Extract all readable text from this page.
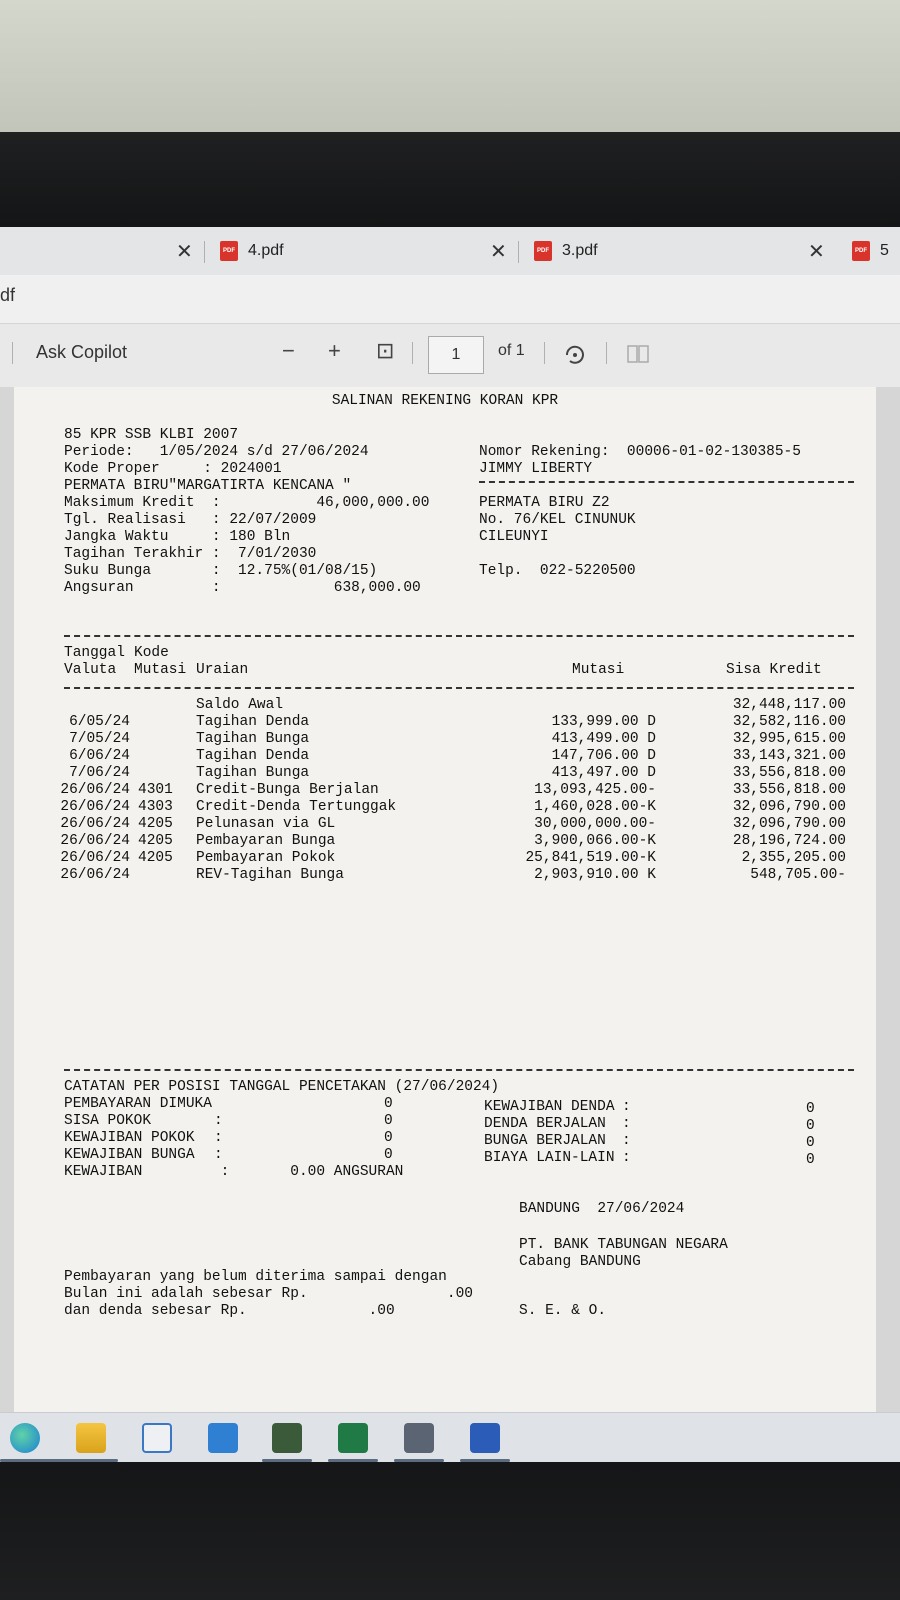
✕	PDF 4.pdf	✕	PDF 3.pdf	✕	PDF 5
df
Ask Copilot	− + ⊡	1	of 1
SALINAN REKENING KORAN KPR
85 KPR SSB KLBI 2007
Periode:   1/05/2024 s/d 27/06/2024
Kode Proper     : 2024001
PERMATA BIRU"MARGATIRTA KENCANA "
Maksimum Kredit  :           46,000,000.00
Tgl. Realisasi   : 22/07/2009
Jangka Waktu     : 180 Bln
Tagihan Terakhir :  7/01/2030
Suku Bunga       :  12.75%(01/08/15)
Angsuran         :             638,000.00
Nomor Rekening:  00006-01-02-130385-5
JIMMY LIBERTY
PERMATA BIRU Z2
No. 76/KEL CINUNUK
CILEUNYI
Telp.  022-5220500
Tanggal Kode
Valuta Mutasi Uraian	Mutasi	Sisa Kredit
Saldo Awal	32,448,117.00
6/05/24	Tagihan Denda	133,999.00 D	32,582,116.00
7/05/24	Tagihan Bunga	413,499.00 D	32,995,615.00
6/06/24	Tagihan Denda	147,706.00 D	33,143,321.00
7/06/24	Tagihan Bunga	413,497.00 D	33,556,818.00
26/06/24 4301 Credit-Bunga Berjalan	13,093,425.00-	33,556,818.00
26/06/24 4303 Credit-Denda Tertunggak	1,460,028.00-K	32,096,790.00
26/06/24 4205 Pelunasan via GL	30,000,000.00-	32,096,790.00
26/06/24 4205 Pembayaran Bunga	3,900,066.00-K	28,196,724.00
26/06/24 4205 Pembayaran Pokok	25,841,519.00-K	2,355,205.00
26/06/24	REV-Tagihan Bunga	2,903,910.00 K	548,705.00-
CATATAN PER POSISI TANGGAL PENCETAKAN (27/06/2024)
PEMBAYARAN DIMUKA	0
SISA POKOK	:	0
KEWAJIBAN POKOK :	0
KEWAJIBAN BUNGA :	0
KEWAJIBAN         :       0.00 ANGSURAN
KEWAJIBAN DENDA :	0
DENDA BERJALAN :	0
BUNGA BERJALAN :	0
BIAYA LAIN-LAIN :	0
BANDUNG  27/06/2024
PT. BANK TABUNGAN NEGARA
Cabang BANDUNG
Pembayaran yang belum diterima sampai dengan
Bulan ini adalah sebesar Rp.                .00
dan denda sebesar Rp.              .00	S. E. & O.
